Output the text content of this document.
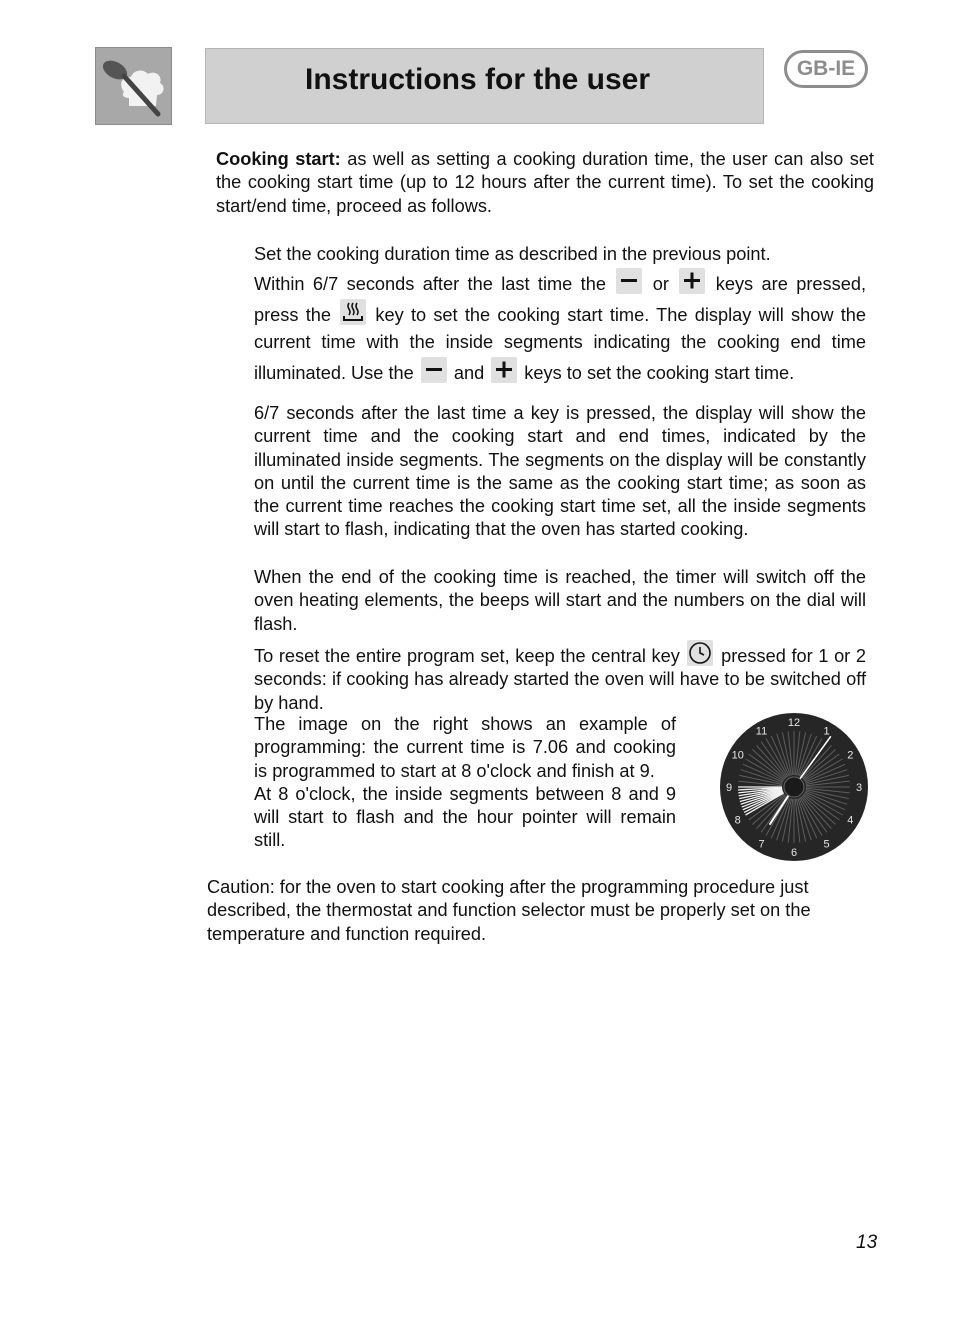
Instructions for the user	GB-IE

Cooking start: as well as setting a cooking duration time, the user can also set the cooking start time (up to 12 hours after the current time). To set the cooking start/end time, proceed as follows.

Set the cooking duration time as described in the previous point.

Within 6/7 seconds after the last time the
or
keys are pressed, press the
key to set the cooking start time. The display will show the current time with the inside segments indicating the cooking end time illuminated. Use the
and
keys to set the cooking start time.

6/7 seconds after the last time a key is pressed, the display will show the current time and the cooking start and end times, indicated by the illuminated inside segments. The segments on the display will be constantly on until the current time is the same as the cooking start time; as soon as the current time reaches the cooking start time set, all the inside segments will start to flash, indicating that the oven has started cooking.

When the end of the cooking time is reached, the timer will switch off the oven heating elements, the beeps will start and the numbers on the dial will flash.

To reset the entire program set, keep the central key
pressed for 1 or 2 seconds: if cooking has already started the oven will have to be switched off by hand.

The image on the right shows an example of programming: the current time is 7.06 and cooking is programmed to start at 8 o'clock and finish at 9.

At 8 o'clock, the inside segments between 8 and 9 will start to flash and the hour pointer will remain still.

12
1
2
3
4
5
6
7
8
9
10
11

Caution: for the oven to start cooking after the programming procedure just described, the thermostat and function selector must be properly set on the temperature and function required.

13
